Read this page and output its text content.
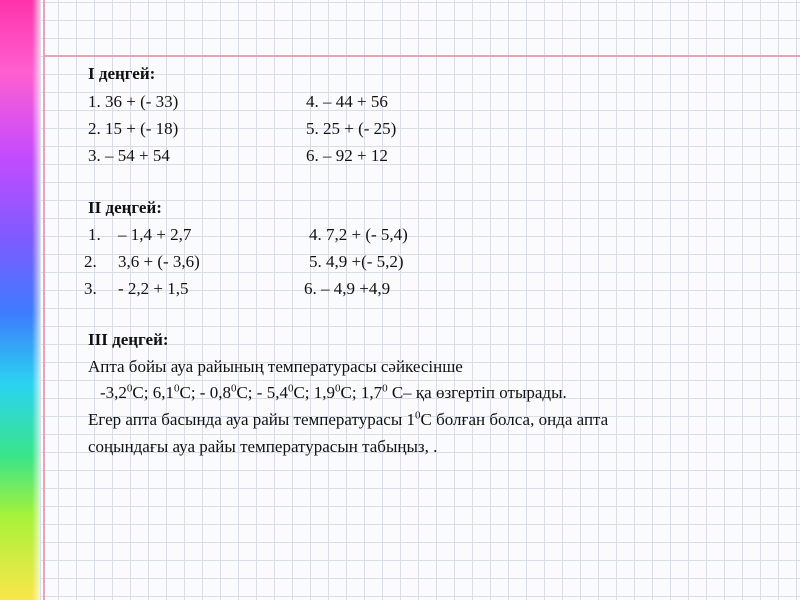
I деңгей:
1. 36 + (- 33)
2. 15 + (- 18)
3. – 54 + 54
4. – 44 + 56
5. 25 + (- 25)
6. – 92 + 12
II деңгей:
1.
2.
3.
– 1,4 + 2,7
3,6 + (- 3,6)
- 2,2 + 1,5
4. 7,2 + (- 5,4)
5. 4,9 +(- 5,2)
6. – 4,9 +4,9
III деңгей:
Апта бойы ауа райының температурасы сәйкесінше
$-3,2^0C$; $6,1^0C$; - $0,8^0C$; - $5,4^0C$; $1,9^0C$; $1,7^0$ C– қа өзгертіп отырады.
Егер апта басында ауа райы температурасы $1^0C$ болған болса, онда апта
соңындағы ауа райы температурасын табыңыз, .
